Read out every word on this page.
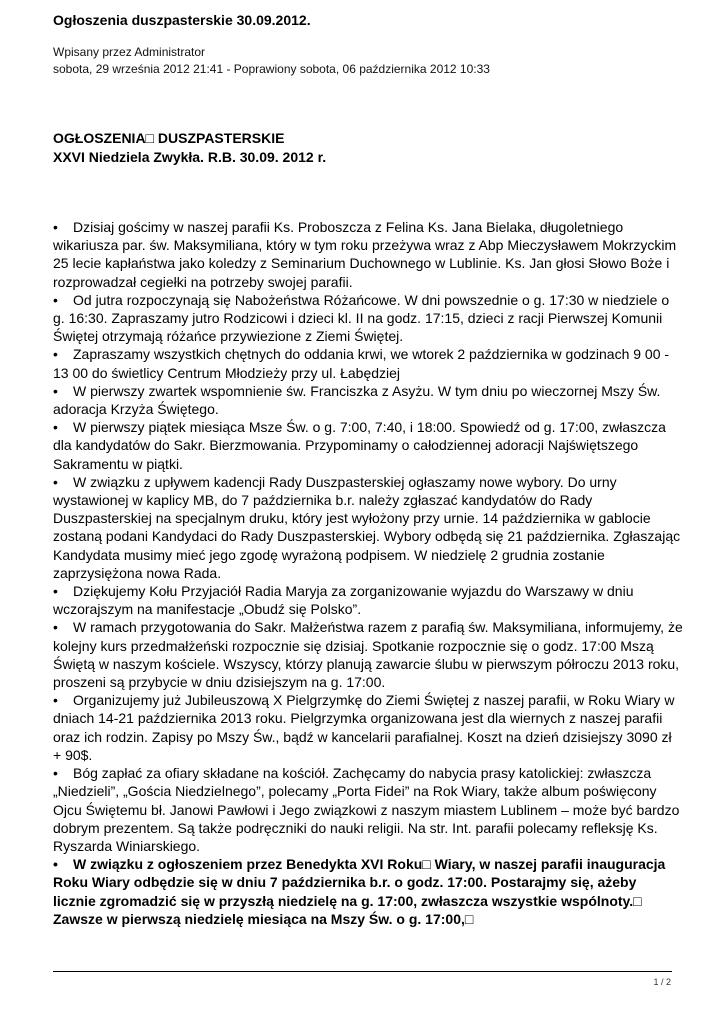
Ogłoszenia duszpasterskie 30.09.2012.
Wpisany przez Administrator
sobota, 29 września 2012 21:41 - Poprawiony sobota, 06 października 2012 10:33
OGŁOSZENIA□ DUSZPASTERSKIE
XXVI Niedziela Zwykła. R.B. 30.09. 2012 r.

• Dzisiaj gościmy w naszej parafii Ks. Proboszcza z Felina Ks. Jana Bielaka, długoletniego wikariusza par. św. Maksymiliana, który w tym roku przeżywa wraz z Abp Mieczysławem Mokrzyckim 25 lecie kapłaństwa jako koledzy z Seminarium Duchownego w Lublinie. Ks. Jan głosi Słowo Boże i rozprowadzał cegiełki na potrzeby swojej parafii.

• Od jutra rozpoczynają się Nabożeństwa Różańcowe. W dni powszednie o g. 17:30 w niedziele o g. 16:30. Zapraszamy jutro Rodzicowi i dzieci kl. II na godz. 17:15, dzieci z racji Pierwszej Komunii Świętej otrzymają różańce przywiezione z Ziemi Świętej.

• Zapraszamy wszystkich chętnych do oddania krwi, we wtorek 2 października w godzinach 9 00 - 13 00 do świetlicy Centrum Młodzieży przy ul. Łabędziej

• W pierwszy zwartek wspomnienie św. Franciszka z Asyżu. W tym dniu po wieczornej Mszy Św. adoracja Krzyża Świętego.

• W pierwszy piątek miesiąca Msze Św. o g. 7:00, 7:40, i 18:00. Spowiedź od g. 17:00, zwłaszcza dla kandydatów do Sakr. Bierzmowania. Przypominamy o całodziennej adoracji Najświętszego Sakramentu w piątki.

• W związku z upływem kadencji Rady Duszpasterskiej ogłaszamy nowe wybory. Do urny wystawionej w kaplicy MB, do 7 października b.r. należy zgłaszać kandydatów do Rady Duszpasterskiej na specjalnym druku, który jest wyłożony przy urnie. 14 października w gablocie zostaną podani Kandydaci do Rady Duszpasterskiej. Wybory odbędą się 21 października. Zgłaszając Kandydata musimy mieć jego zgodę wyrażoną podpisem. W niedzielę 2 grudnia zostanie zaprzysiężona nowa Rada.

• Dziękujemy Kołu Przyjaciół Radia Maryja za zorganizowanie wyjazdu do Warszawy w dniu wczorajszym na manifestacje „Obudź się Polsko”.

• W ramach przygotowania do Sakr. Małżeństwa razem z parafią św. Maksymiliana, informujemy, że kolejny kurs przedmałżeński rozpocznie się dzisiaj. Spotkanie rozpocznie się o godz. 17:00 Mszą Świętą w naszym kościele. Wszyscy, którzy planują zawarcie ślubu w pierwszym półroczu 2013 roku, proszeni są przybycie w dniu dzisiejszym na g. 17:00.

• Organizujemy już Jubileuszową X Pielgrzymkę do Ziemi Świętej z naszej parafii, w Roku Wiary w dniach 14-21 października 2013 roku. Pielgrzymka organizowana jest dla wiernych z naszej parafii oraz ich rodzin. Zapisy po Mszy Św., bądź w kancelarii parafialnej. Koszt na dzień dzisiejszy 3090 zł + 90$.

• Bóg zapłać za ofiary składane na kościół. Zachęcamy do nabycia prasy katolickiej: zwłaszcza „Niedzieli”, „Gościa Niedzielnego”, polecamy „Porta Fidei” na Rok Wiary, także album poświęcony Ojcu Świętemu bł. Janowi Pawłowi i Jego związkowi z naszym miastem Lublinem – może być bardzo dobrym prezentem. Są także podręczniki do nauki religii. Na str. Int. parafii polecamy refleksję Ks. Ryszarda Winiarskiego.

• W związku z ogłoszeniem przez Benedykta XVI Roku□ Wiary, w naszej parafii inauguracja Roku Wiary odbędzie się w dniu 7 października b.r. o godz. 17:00. Postarajmy się, ażeby licznie zgromadzić się w przyszłą niedzielę na g. 17:00, zwłaszcza wszystkie wspólnoty.□ Zawsze w pierwszą niedzielę miesiąca na Mszy Św. o g. 17:00,□

1 / 2
